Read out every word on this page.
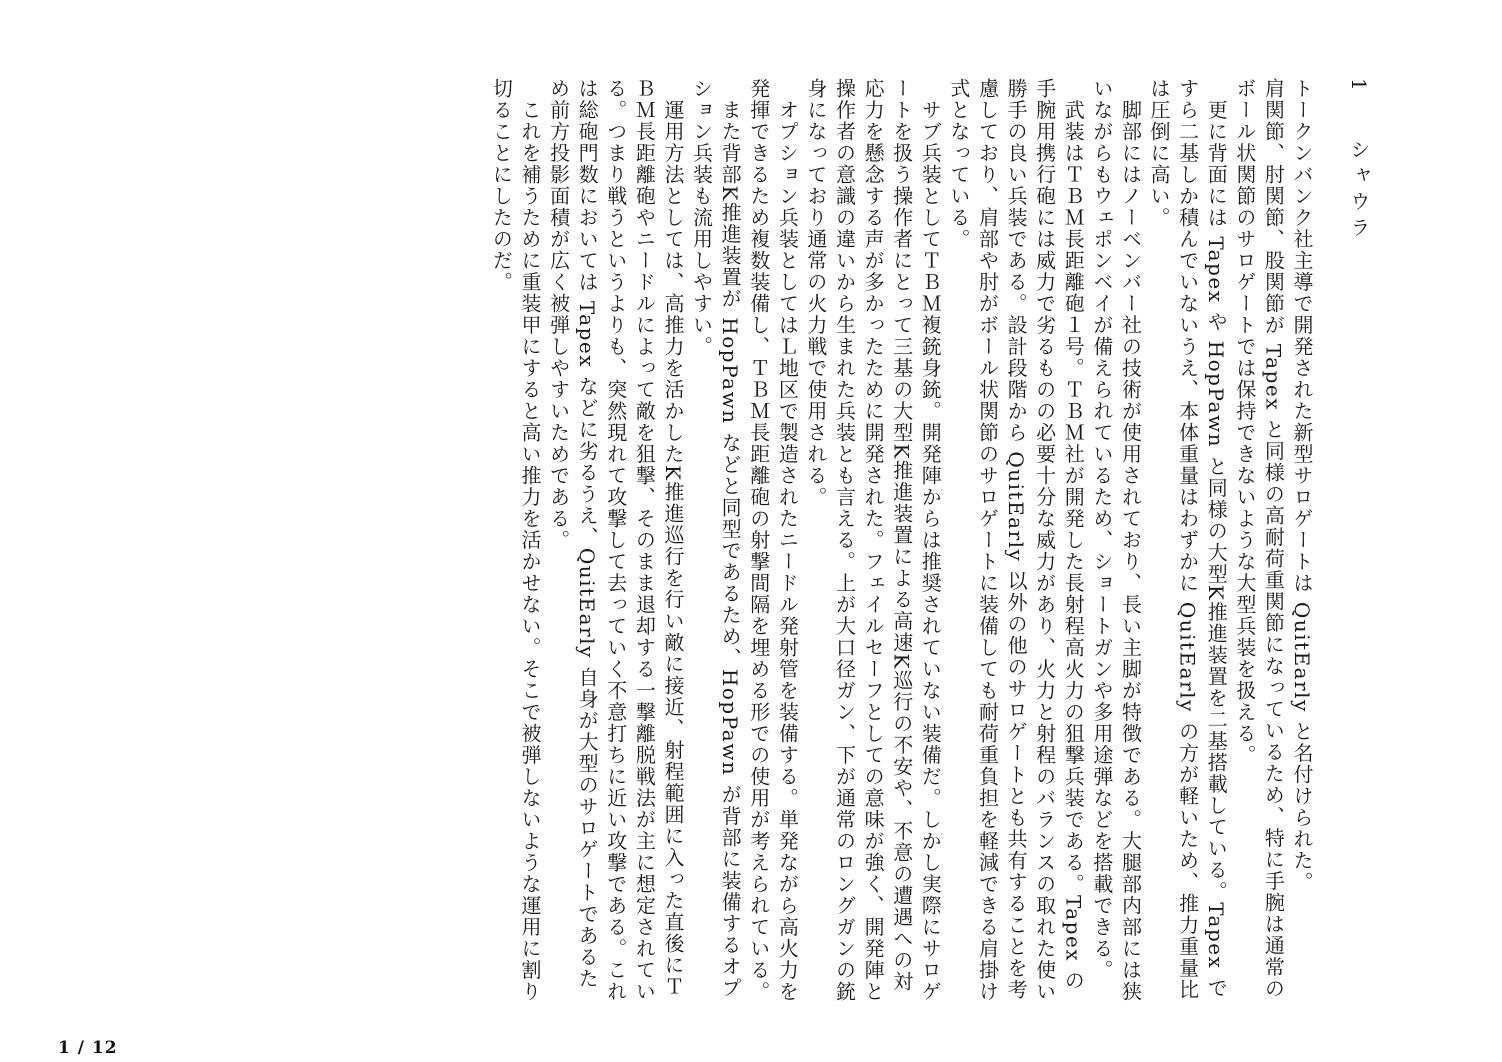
1シャウラ

トークンバンク社主導で開発された新型サロゲートは QuitEarly と名付けられた。

肩関節、肘関節、股関節が Tapex と同様の高耐荷重関節になっているため、特に手腕は通常のボール状関節のサロゲートでは保持できないような大型兵装を扱える。

　更に背面には Tapex や HopPawn と同様の大型K推進装置を二基搭載している。Tapex ですら二基しか積んでいないうえ、本体重量はわずかに QuitEarly の方が軽いため、推力重量比は圧倒に高い。

　脚部にはノーベンバー社の技術が使用されており、長い主脚が特徴である。大腿部内部には狭いながらもウェポンベイが備えられているため、ショートガンや多用途弾などを搭載できる。

　武装はＴＢＭ長距離砲１号。ＴＢＭ社が開発した長射程高火力の狙撃兵装である。Tapex の手腕用携行砲には威力で劣るものの必要十分な威力があり、火力と射程のバランスの取れた使い勝手の良い兵装である。設計段階から QuitEarly 以外の他のサロゲートとも共有することを考慮しており、肩部や肘がボール状関節のサロゲートに装備しても耐荷重負担を軽減できる肩掛け式となっている。

　サブ兵装としてＴＢＭ複銃身銃。開発陣からは推奨されていない装備だ。しかし実際にサロゲートを扱う操作者にとって三基の大型K推進装置による高速K巡行の不安や、不意の遭遇への対応力を懸念する声が多かったために開発された。フェイルセーフとしての意味が強く、開発陣と操作者の意識の違いから生まれた兵装とも言える。上が大口径ガン、下が通常のロングガンの銃身になっており通常の火力戦で使用される。

　オプション兵装としてはＬ地区で製造されたニードル発射管を装備する。単発ながら高火力を発揮できるため複数装備し、ＴＢＭ長距離砲の射撃間隔を埋める形での使用が考えられている。

　また背部K推進装置が HopPawn などと同型であるため、HopPawn が背部に装備するオプション兵装も流用しやすい。

　運用方法としては、高推力を活かしたK推進巡行を行い敵に接近、射程範囲に入った直後にＴＢＭ長距離砲やニードルによって敵を狙撃、そのまま退却する一撃離脱戦法が主に想定されている。つまり戦うというよりも、突然現れて攻撃して去っていく不意打ちに近い攻撃である。これは総砲門数においては Tapex などに劣るうえ、QuitEarly 自身が大型のサロゲートであるため前方投影面積が広く被弾しやすいためである。

　これを補うために重装甲にすると高い推力を活かせない。そこで被弾しないような運用に割り切ることにしたのだ。

1 / 12
